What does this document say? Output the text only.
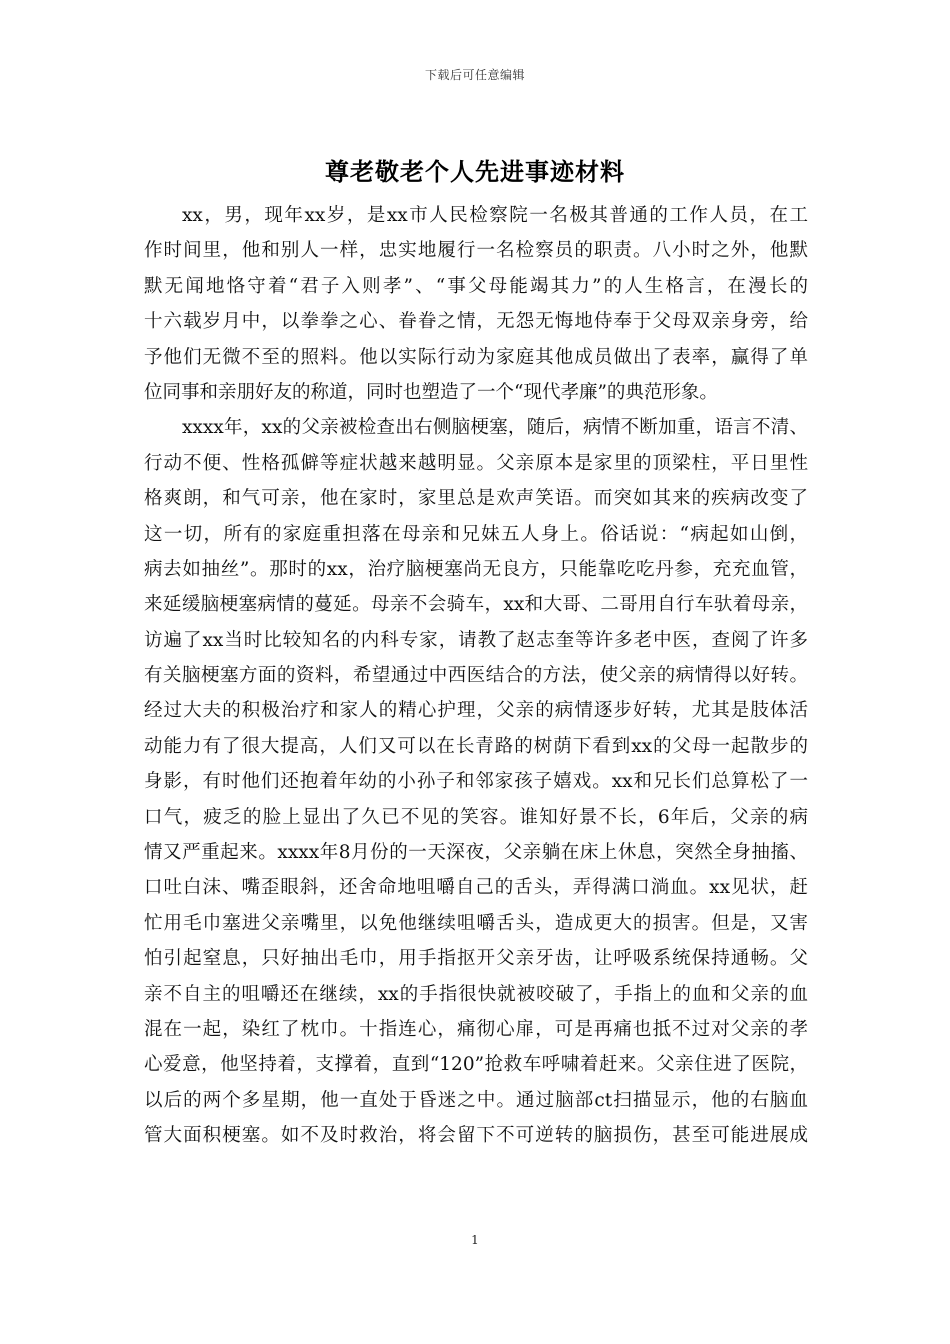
下载后可任意编辑
尊老敬老个人先进事迹材料
xx，男，现年xx岁，是xx市人民检察院一名极其普通的工作人员，在工
作时间里，他和别人一样，忠实地履行一名检察员的职责。八小时之外，他默
默无闻地恪守着“君子入则孝”、“事父母能竭其力”的人生格言，在漫长的
十六载岁月中，以拳拳之心、眷眷之情，无怨无悔地侍奉于父母双亲身旁，给
予他们无微不至的照料。他以实际行动为家庭其他成员做出了表率，赢得了单
位同事和亲朋好友的称道，同时也塑造了一个“现代孝廉”的典范形象。
xxxx年，xx的父亲被检查出右侧脑梗塞，随后，病情不断加重，语言不清、
行动不便、性格孤僻等症状越来越明显。父亲原本是家里的顶梁柱，平日里性
格爽朗，和气可亲，他在家时，家里总是欢声笑语。而突如其来的疾病改变了
这一切，所有的家庭重担落在母亲和兄妹五人身上。俗话说：“病起如山倒，
病去如抽丝”。那时的xx，治疗脑梗塞尚无良方，只能靠吃吃丹参，充充血管，
来延缓脑梗塞病情的蔓延。母亲不会骑车，xx和大哥、二哥用自行车驮着母亲，
访遍了xx当时比较知名的内科专家，请教了赵志奎等许多老中医，查阅了许多
有关脑梗塞方面的资料，希望通过中西医结合的方法，使父亲的病情得以好转。
经过大夫的积极治疗和家人的精心护理，父亲的病情逐步好转，尤其是肢体活
动能力有了很大提高，人们又可以在长青路的树荫下看到xx的父母一起散步的
身影，有时他们还抱着年幼的小孙子和邻家孩子嬉戏。xx和兄长们总算松了一
口气，疲乏的脸上显出了久已不见的笑容。谁知好景不长，6年后，父亲的病
情又严重起来。xxxx年8月份的一天深夜，父亲躺在床上休息，突然全身抽搐、
口吐白沫、嘴歪眼斜，还舍命地咀嚼自己的舌头，弄得满口淌血。xx见状，赶
忙用毛巾塞进父亲嘴里，以免他继续咀嚼舌头，造成更大的损害。但是，又害
怕引起窒息，只好抽出毛巾，用手指抠开父亲牙齿，让呼吸系统保持通畅。父
亲不自主的咀嚼还在继续，xx的手指很快就被咬破了，手指上的血和父亲的血
混在一起，染红了枕巾。十指连心，痛彻心扉，可是再痛也抵不过对父亲的孝
心爱意，他坚持着，支撑着，直到“120”抢救车呼啸着赶来。父亲住进了医院，
以后的两个多星期，他一直处于昏迷之中。通过脑部ct扫描显示，他的右脑血
管大面积梗塞。如不及时救治，将会留下不可逆转的脑损伤，甚至可能进展成
1
